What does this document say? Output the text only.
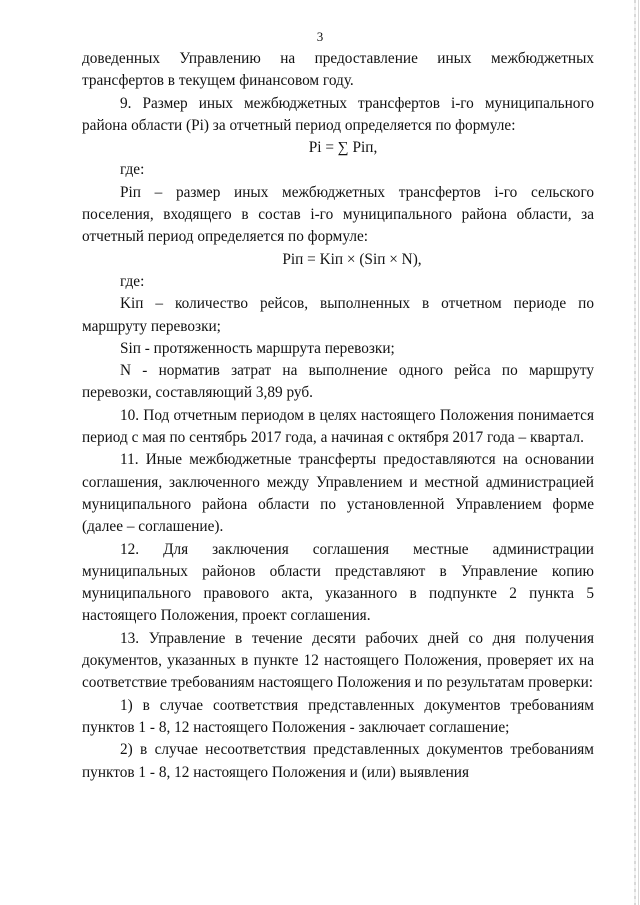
3

доведенных Управлению на предоставление иных межбюджетных трансфертов в текущем финансовом году.

9. Размер иных межбюджетных трансфертов i-го муниципального района области (Pi) за отчетный период определяется по формуле:

Pi = ∑ Piп,

где:

Piп – размер иных межбюджетных трансфертов i-го сельского поселения, входящего в состав i-го муниципального района области, за отчетный период определяется по формуле:

Piп = Kiп × (Siп × N),

где:

Kiп – количество рейсов, выполненных в отчетном периоде по маршруту перевозки;

Siп - протяженность маршрута перевозки;

N - норматив затрат на выполнение одного рейса по маршруту перевозки, составляющий 3,89 руб.

10. Под отчетным периодом в целях настоящего Положения понимается период с мая по сентябрь 2017 года, а начиная с октября 2017 года – квартал.

11. Иные межбюджетные трансферты предоставляются на основании соглашения, заключенного между Управлением и местной администрацией муниципального района области по установленной Управлением форме (далее – соглашение).

12. Для заключения соглашения местные администрации муниципальных районов области представляют в Управление копию муниципального правового акта, указанного в подпункте 2 пункта 5 настоящего Положения, проект соглашения.

13. Управление в течение десяти рабочих дней со дня получения документов, указанных в пункте 12 настоящего Положения, проверяет их на соответствие требованиям настоящего Положения и по результатам проверки:

1) в случае соответствия представленных документов требованиям пунктов 1 - 8, 12 настоящего Положения - заключает соглашение;

2) в случае несоответствия представленных документов требованиям пунктов 1 - 8, 12 настоящего Положения и (или) выявления
